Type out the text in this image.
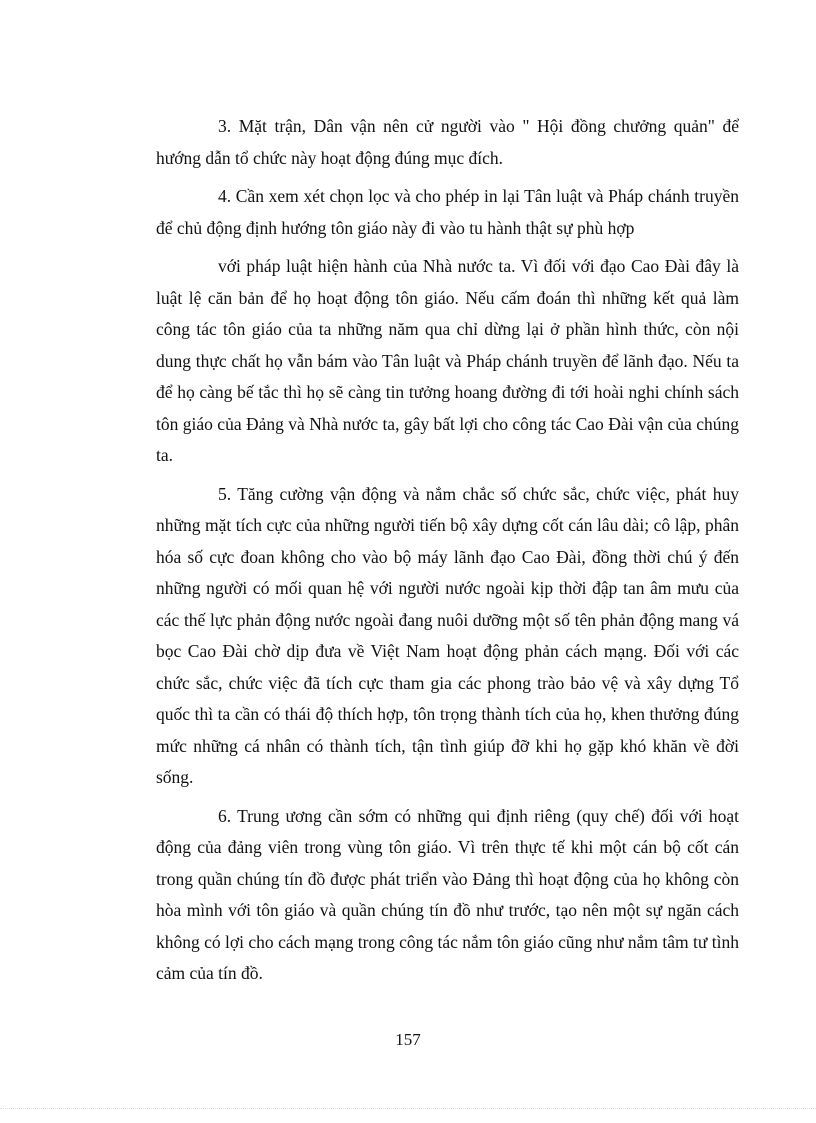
3. Mặt trận, Dân vận nên cử người vào " Hội đồng chưởng quản" để hướng dẫn tổ chức này hoạt động đúng mục đích.

4. Cần xem xét chọn lọc và cho phép in lại Tân luật và Pháp chánh truyền để chủ động định hướng tôn giáo này đi vào tu hành thật sự phù hợp

với pháp luật hiện hành của Nhà nước ta. Vì đối với đạo Cao Đài đây là luật lệ căn bản để họ hoạt động tôn giáo. Nếu cấm đoán thì những kết quả làm công tác tôn giáo của ta những năm qua chỉ dừng lại ở phần hình thức, còn nội dung thực chất họ vẫn bám vào Tân luật và Pháp chánh truyền để lãnh đạo. Nếu ta để họ càng bế tắc thì họ sẽ càng tin tưởng hoang đường đi tới hoài nghi chính sách tôn giáo của Đảng và Nhà nước ta, gây bất lợi cho công tác Cao Đài vận của chúng ta.

5. Tăng cường vận động và nắm chắc số chức sắc, chức việc, phát huy những mặt tích cực của những người tiến bộ xây dựng cốt cán lâu dài; cô lập, phân hóa số cực đoan không cho vào bộ máy lãnh đạo Cao Đài, đồng thời chú ý đến những người có mối quan hệ với người nước ngoài kịp thời đập tan âm mưu của các thế lực phản động nước ngoài đang nuôi dưỡng một số tên phản động mang vá bọc Cao Đài chờ dịp đưa về Việt Nam hoạt động phản cách mạng. Đối với các chức sắc, chức việc đã tích cực tham gia các phong trào bảo vệ và xây dựng Tổ quốc thì ta cần có thái độ thích hợp, tôn trọng thành tích của họ, khen thưởng đúng mức những cá nhân có thành tích, tận tình giúp đỡ khi họ gặp khó khăn về đời sống.

6. Trung ương cần sớm có những qui định riêng (quy chế) đối với hoạt động của đảng viên trong vùng tôn giáo. Vì trên thực tế khi một cán bộ cốt cán trong quần chúng tín đồ được phát triển vào Đảng thì hoạt động của họ không còn hòa mình với tôn giáo và quần chúng tín đồ như trước, tạo nên một sự ngăn cách không có lợi cho cách mạng trong công tác nắm tôn giáo cũng như nắm tâm tư tình cảm của tín đồ.

157
